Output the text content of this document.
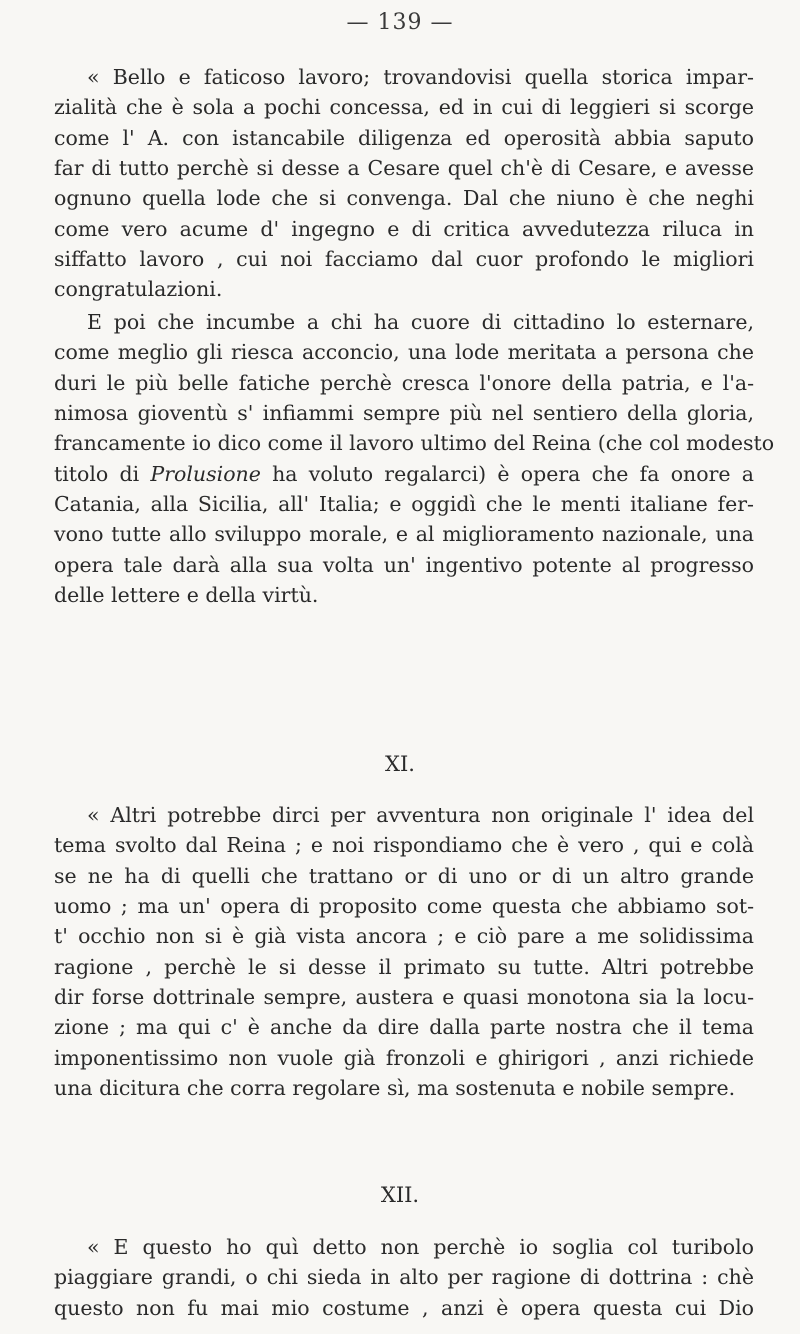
— 139 —
« Bello e faticoso lavoro; trovandovisi quella storica impar-
zialità che è sola a pochi concessa, ed in cui di leggieri si scorge
come l' A. con istancabile diligenza ed operosità abbia saputo
far di tutto perchè si desse a Cesare quel ch'è di Cesare, e avesse
ognuno quella lode che si convenga. Dal che niuno è che neghi
come vero acume d' ingegno e di critica avvedutezza riluca in
siffatto lavoro , cui noi facciamo dal cuor profondo le migliori
congratulazioni.
E poi che incumbe a chi ha cuore di cittadino lo esternare,
come meglio gli riesca acconcio, una lode meritata a persona che
duri le più belle fatiche perchè cresca l'onore della patria, e l'a-
nimosa gioventù s' infiammi sempre più nel sentiero della gloria,
francamente io dico come il lavoro ultimo del Reina (che col modesto
titolo di Prolusione ha voluto regalarci) è opera che fa onore a
Catania, alla Sicilia, all' Italia; e oggidì che le menti italiane fer-
vono tutte allo sviluppo morale, e al miglioramento nazionale, una
opera tale darà alla sua volta un' ingentivo potente al progresso
delle lettere e della virtù.
XI.
« Altri potrebbe dirci per avventura non originale l' idea del
tema svolto dal Reina ; e noi rispondiamo che è vero , qui e colà
se ne ha di quelli che trattano or di uno or di un altro grande
uomo ; ma un' opera di proposito come questa che abbiamo sot-
t' occhio non si è già vista ancora ; e ciò pare a me solidissima
ragione , perchè le si desse il primato su tutte. Altri potrebbe
dir forse dottrinale sempre, austera e quasi monotona sia la locu-
zione ; ma qui c' è anche da dire dalla parte nostra che il tema
imponentissimo non vuole già fronzoli e ghirigori , anzi richiede
una dicitura che corra regolare sì, ma sostenuta e nobile sempre.
XII.
« E questo ho quì detto non perchè io soglia col turibolo
piaggiare grandi, o chi sieda in alto per ragione di dottrina : chè
questo non fu mai mio costume , anzi è opera questa cui Dio
